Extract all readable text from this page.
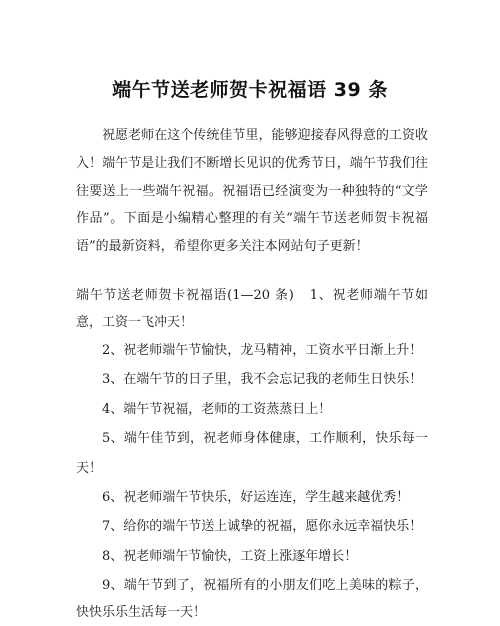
端午节送老师贺卡祝福语 39 条

祝愿老师在这个传统佳节里，能够迎接春风得意的工资收入！端午节是让我们不断增长见识的优秀节日，端午节我们往往要送上一些端午祝福。祝福语已经演变为一种独特的“文学作品”。下面是小编精心整理的有关“端午节送老师贺卡祝福语”的最新资料，希望你更多关注本网站句子更新！

端午节送老师贺卡祝福语(1—20 条) 1、祝老师端午节如意，工资一飞冲天！
2、祝老师端午节愉快，龙马精神，工资水平日渐上升！
3、在端午节的日子里，我不会忘记我的老师生日快乐！
4、端午节祝福，老师的工资蒸蒸日上！
5、端午佳节到，祝老师身体健康，工作顺利，快乐每一天！
6、祝老师端午节快乐，好运连连，学生越来越优秀！
7、给你的端午节送上诚挚的祝福，愿你永远幸福快乐！
8、祝老师端午节愉快，工资上涨逐年增长！
9、端午节到了，祝福所有的小朋友们吃上美味的粽子，快快乐乐生活每一天！
